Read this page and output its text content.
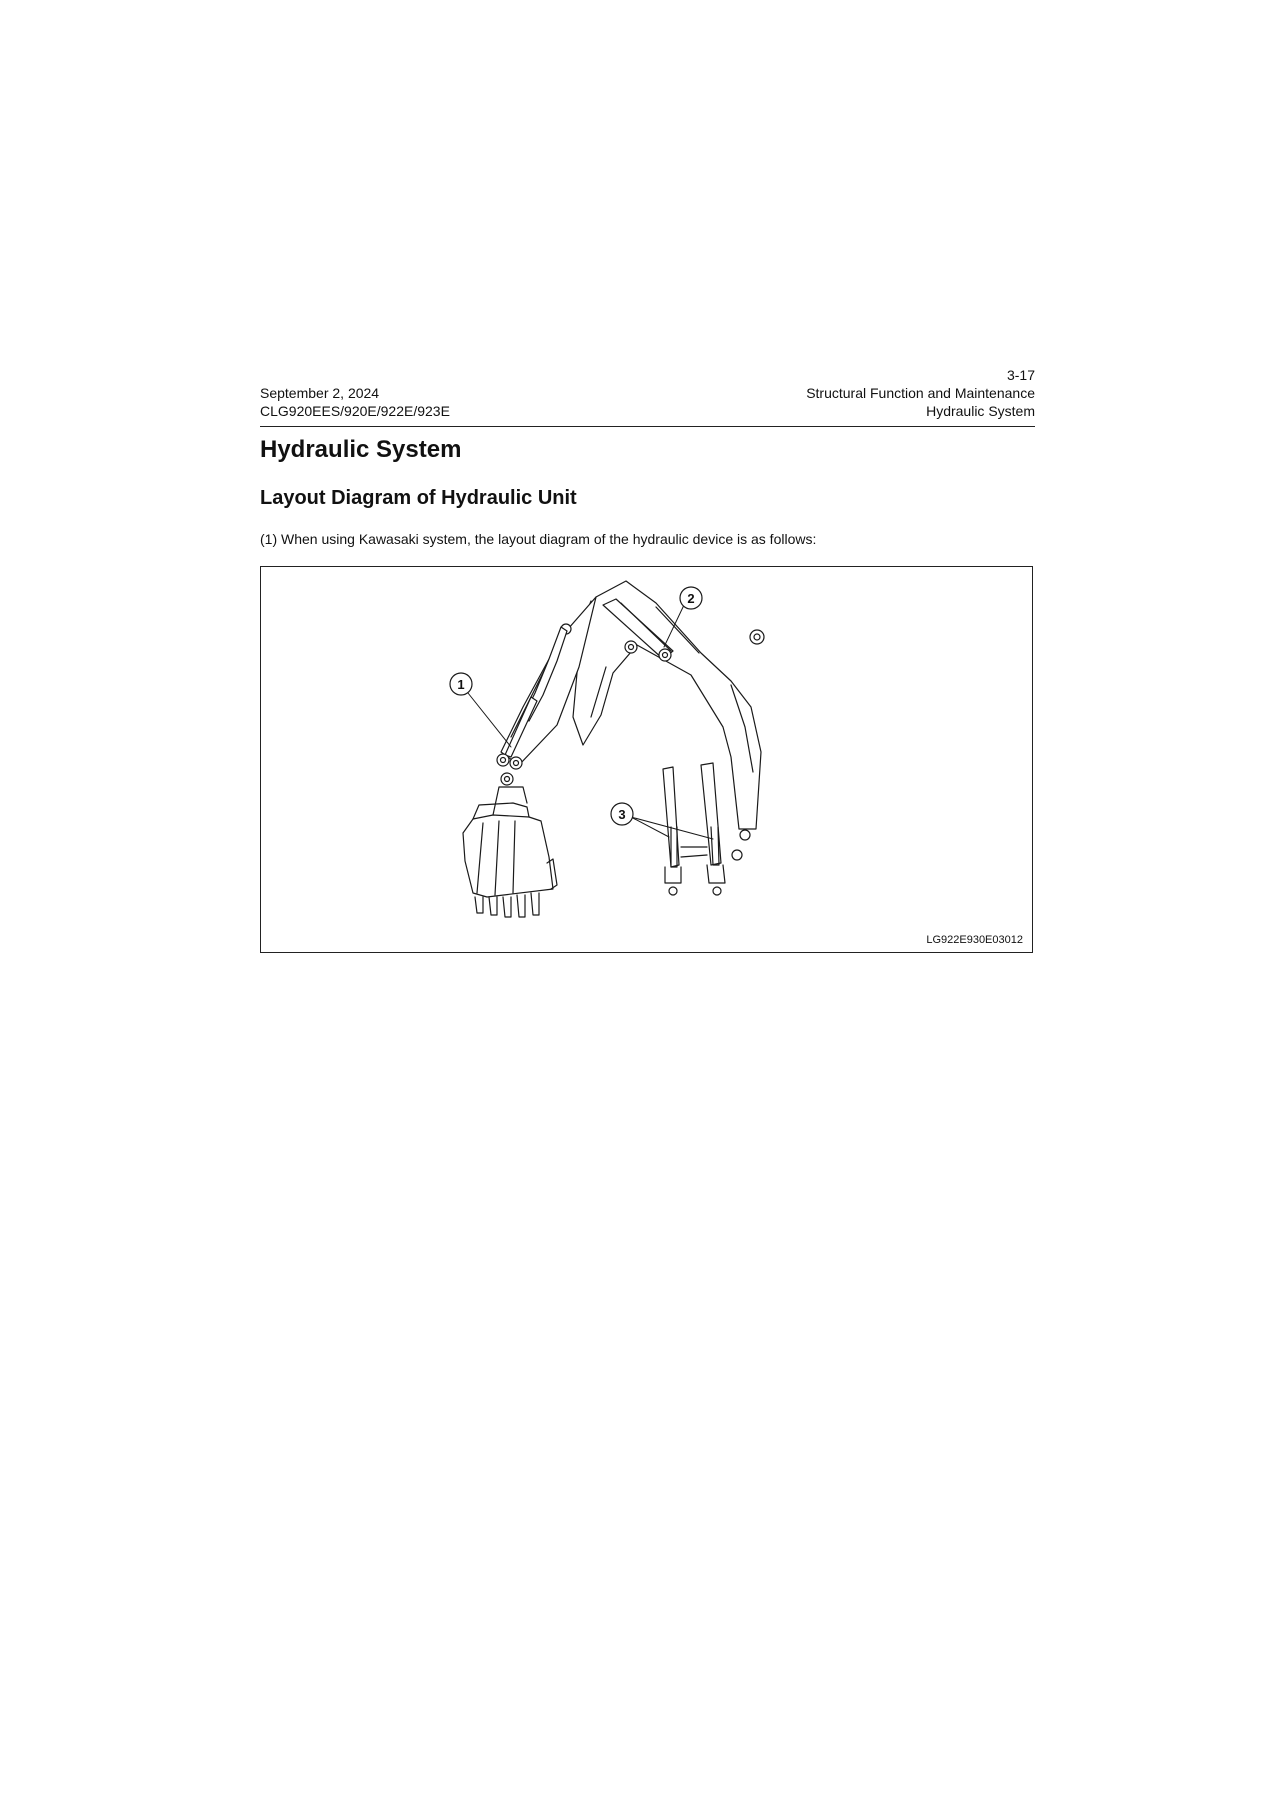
September 2, 2024
CLG920EES/920E/922E/923E
3-17
Structural Function and Maintenance
Hydraulic System
Hydraulic System
Layout Diagram of Hydraulic Unit

(1) When using Kawasaki system, the layout diagram of the hydraulic device is as follows:

1
2
3
LG922E930E03012
